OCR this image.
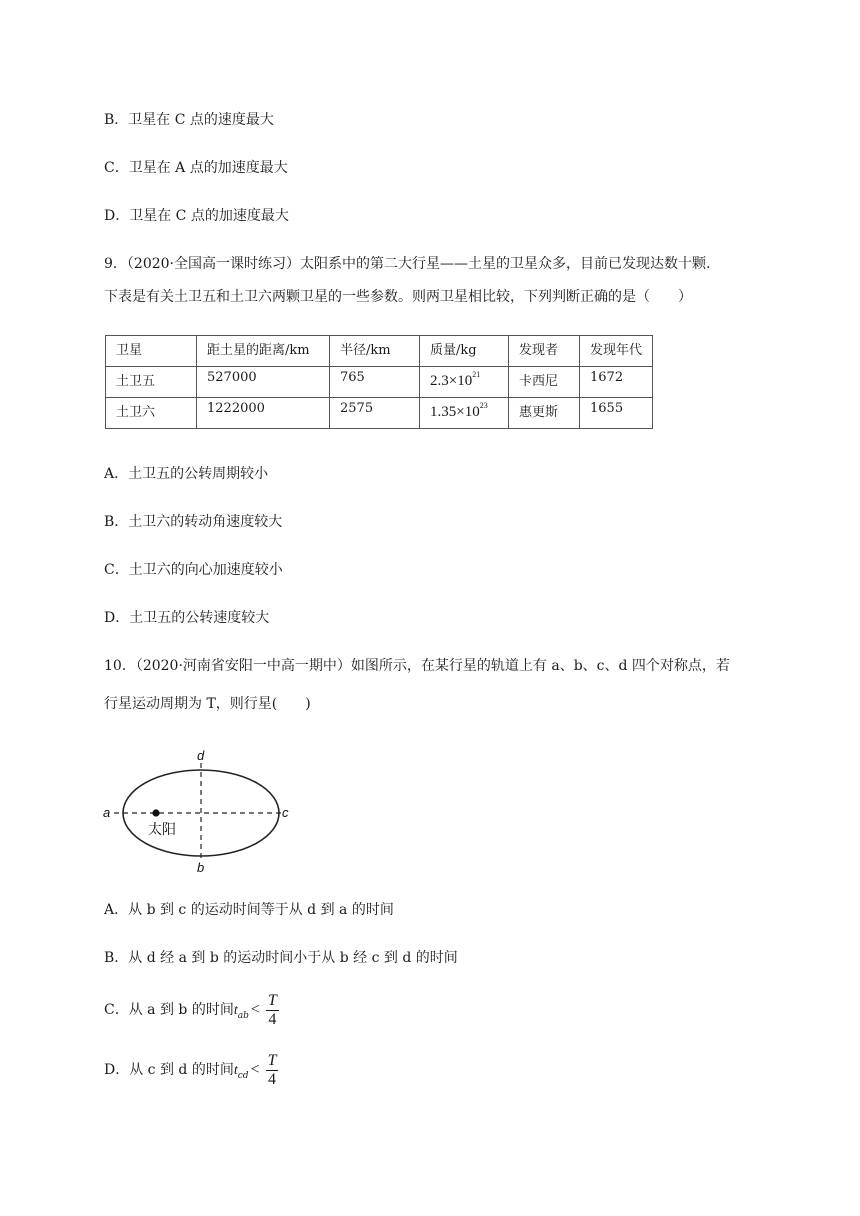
B．卫星在 C 点的速度最大
C．卫星在 A 点的加速度最大
D．卫星在 C 点的加速度最大
9．（2020·全国高一课时练习）太阳系中的第二大行星——土星的卫星众多，目前已发现达数十颗.
下表是有关土卫五和土卫六两颗卫星的一些参数。则两卫星相比较，下列判断正确的是（　　）
卫星	距土星的距离/km	半径/km	质量/kg	发现者	发现年代
土卫五	527000	765	$2.3\times 10^{21}$	卡西尼	1672
土卫六	1222000	2575	$1.35\times 10^{23}$	惠更斯	1655
A．土卫五的公转周期较小
B．土卫六的转动角速度较大
C．土卫六的向心加速度较小
D．土卫五的公转速度较大
10．（2020·河南省安阳一中高一期中）如图所示，在某行星的轨道上有 a、b、c、d 四个对称点，若
行星运动周期为 T，则行星(　　)
太阳
a	c
d
b
A．从 b 到 c 的运动时间等于从 d 到 a 的时间
B．从 d 经 a 到 b 的运动时间小于从 b 经 c 到 d 的时间
C．从 a 到 b 的时间$t_{ab} < \frac{T}{4}$
D．从 c 到 d 的时间$t_{cd} < \frac{T}{4}$
